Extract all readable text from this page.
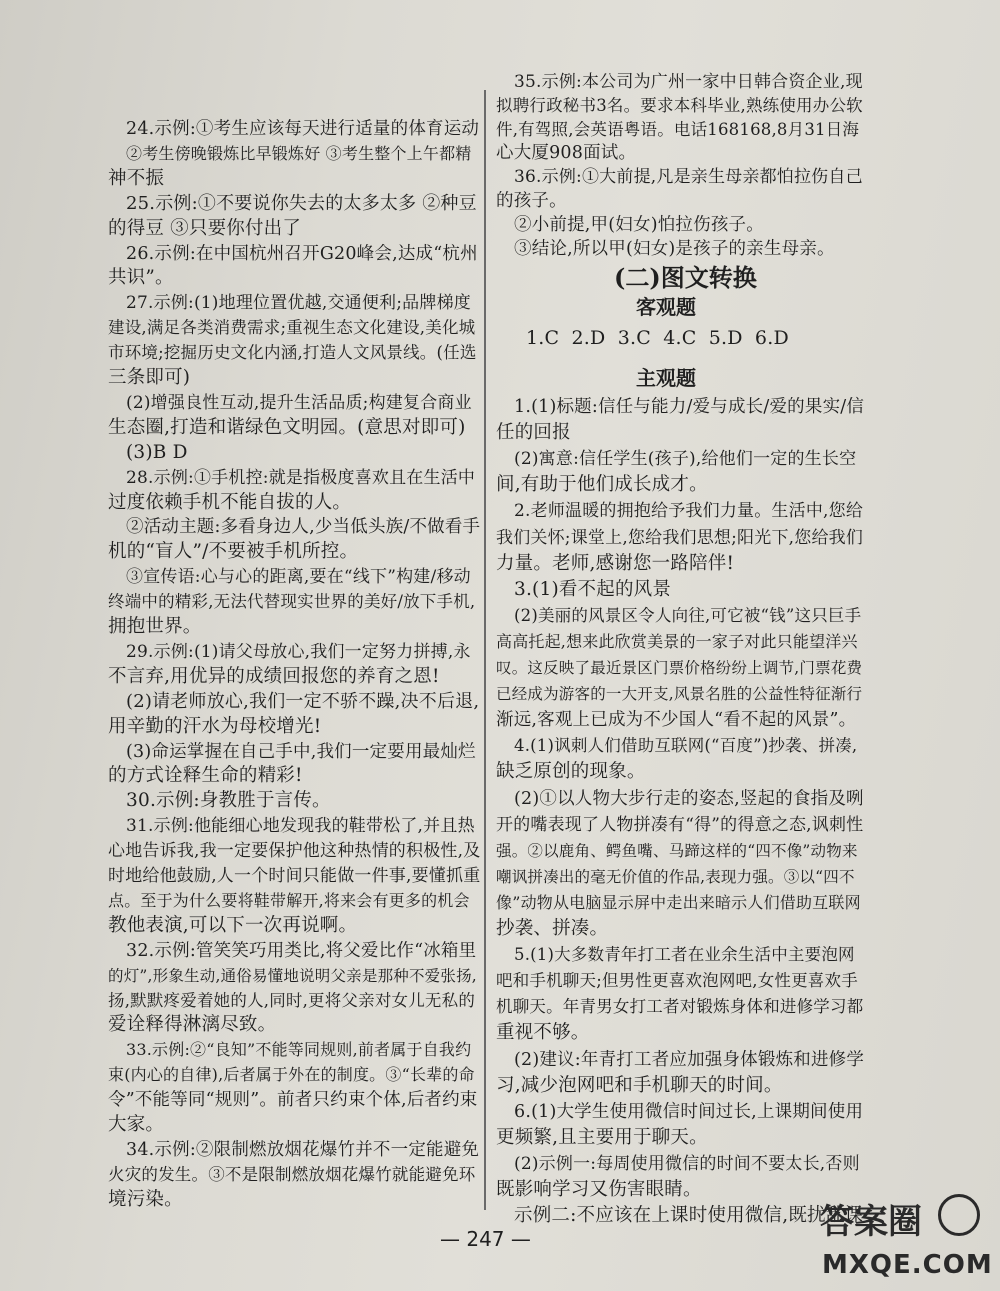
24.示例:①考生应该每天进行适量的体育运动
②考生傍晚锻炼比早锻炼好 ③考生整个上午都精
神不振
25.示例:①不要说你失去的太多太多 ②种豆
的得豆 ③只要你付出了
26.示例:在中国杭州召开G20峰会,达成“杭州
共识”。
27.示例:(1)地理位置优越,交通便利;品牌梯度
建设,满足各类消费需求;重视生态文化建设,美化城
市环境;挖掘历史文化内涵,打造人文风景线。(任选
三条即可)
(2)增强良性互动,提升生活品质;构建复合商业
生态圈,打造和谐绿色文明园。(意思对即可)
(3)B D
28.示例:①手机控:就是指极度喜欢且在生活中
过度依赖手机不能自拔的人。
②活动主题:多看身边人,少当低头族/不做看手
机的“盲人”/不要被手机所控。
③宣传语:心与心的距离,要在“线下”构建/移动
终端中的精彩,无法代替现实世界的美好/放下手机,
拥抱世界。
29.示例:(1)请父母放心,我们一定努力拼搏,永
不言弃,用优异的成绩回报您的养育之恩!
(2)请老师放心,我们一定不骄不躁,决不后退,
用辛勤的汗水为母校增光!
(3)命运掌握在自己手中,我们一定要用最灿烂
的方式诠释生命的精彩!
30.示例:身教胜于言传。
31.示例:他能细心地发现我的鞋带松了,并且热
心地告诉我,我一定要保护他这种热情的积极性,及
时地给他鼓励,人一个时间只能做一件事,要懂抓重
点。至于为什么要将鞋带解开,将来会有更多的机会
教他表演,可以下一次再说啊。
32.示例:管笑笑巧用类比,将父爱比作“冰箱里
的灯”,形象生动,通俗易懂地说明父亲是那种不爱张扬,
扬,默默疼爱着她的人,同时,更将父亲对女儿无私的
爱诠释得淋漓尽致。
33.示例:②“良知”不能等同规则,前者属于自我约
束(内心的自律),后者属于外在的制度。③“长辈的命
令”不能等同“规则”。前者只约束个体,后者约束
大家。
34.示例:②限制燃放烟花爆竹并不一定能避免
火灾的发生。③不是限制燃放烟花爆竹就能避免环
境污染。
35.示例:本公司为广州一家中日韩合资企业,现
拟聘行政秘书3名。要求本科毕业,熟练使用办公软
件,有驾照,会英语粤语。电话168168,8月31日海
心大厦908面试。
36.示例:①大前提,凡是亲生母亲都怕拉伤自己
的孩子。
②小前提,甲(妇女)怕拉伤孩子。
③结论,所以甲(妇女)是孩子的亲生母亲。
(二)图文转换
客观题
1.C 2.D 3.C 4.C 5.D 6.D
主观题
1.(1)标题:信任与能力/爱与成长/爱的果实/信
任的回报
(2)寓意:信任学生(孩子),给他们一定的生长空
间,有助于他们成长成才。
2.老师温暖的拥抱给予我们力量。生活中,您给
我们关怀;课堂上,您给我们思想;阳光下,您给我们
力量。老师,感谢您一路陪伴!
3.(1)看不起的风景
(2)美丽的风景区令人向往,可它被“钱”这只巨手
高高托起,想来此欣赏美景的一家子对此只能望洋兴
叹。这反映了最近景区门票价格纷纷上调节,门票花费
已经成为游客的一大开支,风景名胜的公益性特征渐行
渐远,客观上已成为不少国人“看不起的风景”。
4.(1)讽刺人们借助互联网(“百度”)抄袭、拼凑,
缺乏原创的现象。
(2)①以人物大步行走的姿态,竖起的食指及咧
开的嘴表现了人物拼凑有“得”的得意之态,讽刺性
强。②以鹿角、鳄鱼嘴、马蹄这样的“四不像”动物来
嘲讽拼凑出的毫无价值的作品,表现力强。③以“四不
像”动物从电脑显示屏中走出来暗示人们借助互联网
抄袭、拼凑。
5.(1)大多数青年打工者在业余生活中主要泡网
吧和手机聊天;但男性更喜欢泡网吧,女性更喜欢手
机聊天。年青男女打工者对锻炼身体和进修学习都
重视不够。
(2)建议:年青打工者应加强身体锻炼和进修学
习,减少泡网吧和手机聊天的时间。
6.(1)大学生使用微信时间过长,上课期间使用
更频繁,且主要用于聊天。
(2)示例一:每周使用微信的时间不要太长,否则
既影响学习又伤害眼睛。
示例二:不应该在上课时使用微信,既扰乱课
— 247 —	答案圈
MXQE.COM
